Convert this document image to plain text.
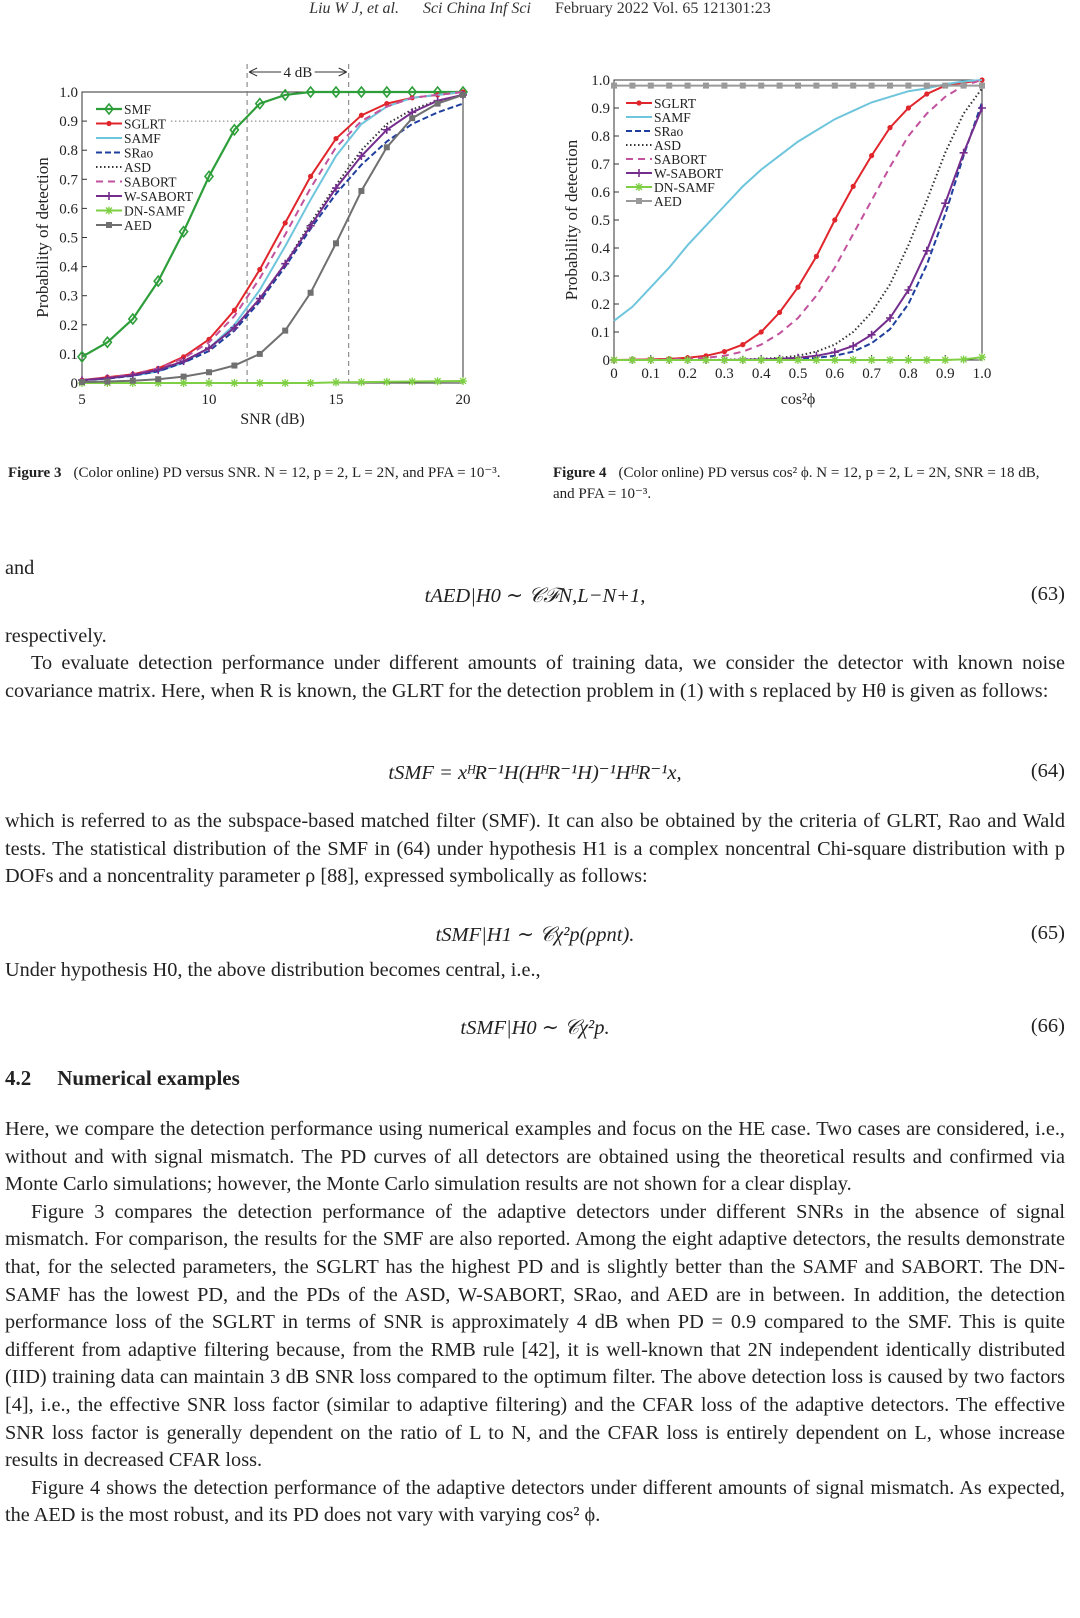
Liu W J, et al. Sci China Inf Sci February 2022 Vol. 65 121301:23
0
0.1
0.2
0.3
0.4
0.5
0.6
0.7
0.8
0.9
1.0
5	10	15	20
SNR (dB)
Probability of detection
4 dB
SMF
SGLRT
SAMF
SRao
ASD
SABORT
W-SABORT
DN-SAMF
AED
0
0.1
0.2
0.3
0.4
0.5
0.6
0.7
0.8
0.9
1.0
0 0.1 0.2 0.3 0.4 0.5 0.6 0.7 0.8 0.9 1.0
cos²ϕ
Probability of detection
SGLRT
SAMF
SRao
ASD
SABORT
W-SABORT
DN-SAMF
AED
Figure 3 (Color online) PD versus SNR. N = 12, p = 2, L = 2N, and PFA = 10⁻³.	Figure 4 (Color online) PD versus cos² ϕ. N = 12, p = 2, L = 2N, SNR = 18 dB, and PFA = 10⁻³.
and
tAED|H0 ∼ 𝒞ℱN,L−N+1,	(63)
respectively.

To evaluate detection performance under different amounts of training data, we consider the detector with known noise covariance matrix. Here, when R is known, the GLRT for the detection problem in (1) with s replaced by Hθ is given as follows:

tSMF = xᴴR⁻¹H(HᴴR⁻¹H)⁻¹HᴴR⁻¹x,	(64)

which is referred to as the subspace-based matched filter (SMF). It can also be obtained by the criteria of GLRT, Rao and Wald tests. The statistical distribution of the SMF in (64) under hypothesis H1 is a complex noncentral Chi-square distribution with p DOFs and a noncentrality parameter ρ [88], expressed symbolically as follows:

tSMF|H1 ∼ 𝒞χ²p(ρpnt).	(65)
Under hypothesis H0, the above distribution becomes central, i.e.,
tSMF|H0 ∼ 𝒞χ²p.	(66)
4.2 Numerical examples

Here, we compare the detection performance using numerical examples and focus on the HE case. Two cases are considered, i.e., without and with signal mismatch. The PD curves of all detectors are obtained using the theoretical results and confirmed via Monte Carlo simulations; however, the Monte Carlo simulation results are not shown for a clear display.

Figure 3 compares the detection performance of the adaptive detectors under different SNRs in the absence of signal mismatch. For comparison, the results for the SMF are also reported. Among the eight adaptive detectors, the results demonstrate that, for the selected parameters, the SGLRT has the highest PD and is slightly better than the SAMF and SABORT. The DN-SAMF has the lowest PD, and the PDs of the ASD, W-SABORT, SRao, and AED are in between. In addition, the detection performance loss of the SGLRT in terms of SNR is approximately 4 dB when PD = 0.9 compared to the SMF. This is quite different from adaptive filtering because, from the RMB rule [42], it is well-known that 2N independent identically distributed (IID) training data can maintain 3 dB SNR loss compared to the optimum filter. The above detection loss is caused by two factors [4], i.e., the effective SNR loss factor (similar to adaptive filtering) and the CFAR loss of the adaptive detectors. The effective SNR loss factor is generally dependent on the ratio of L to N, and the CFAR loss is entirely dependent on L, whose increase results in decreased CFAR loss.

Figure 4 shows the detection performance of the adaptive detectors under different amounts of signal mismatch. As expected, the AED is the most robust, and its PD does not vary with varying cos² ϕ.
